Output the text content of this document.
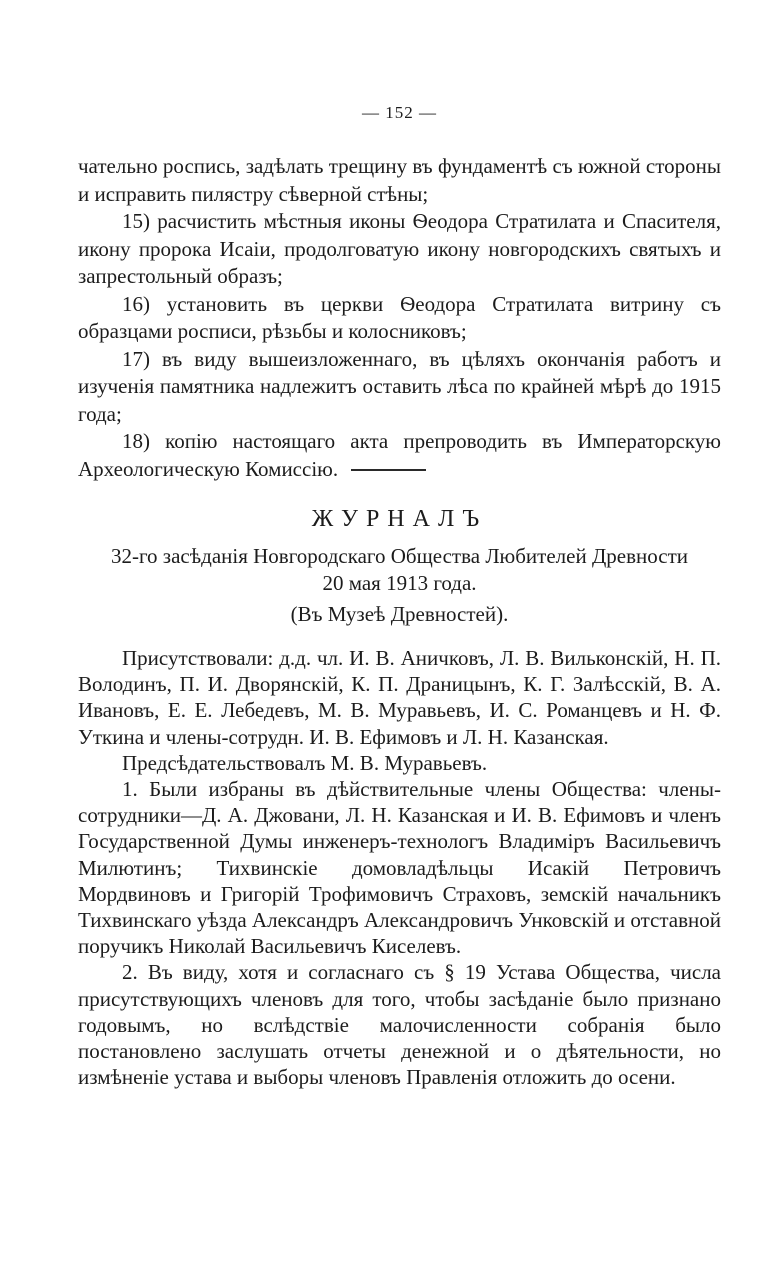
— 152 —

чательно роспись, задѣлать трещину въ фундаментѣ съ южной стороны и исправить пилястру сѣверной стѣны;

15) расчистить мѣстныя иконы Ѳеодора Стратилата и Спасителя, икону пророка Исаіи, продолговатую икону новгородскихъ святыхъ и запрестольный образъ;

16) установить въ церкви Ѳеодора Стратилата витрину съ образцами росписи, рѣзьбы и колосниковъ;

17) въ виду вышеизложеннаго, въ цѣляхъ окончанія работъ и изученія памятника надлежитъ оставить лѣса по крайней мѣрѣ до 1915 года;

18) копію настоящаго акта препроводить въ Императорскую Археологическую Комиссію.

ЖУРНАЛЪ
32-го засѣданія Новгородскаго Общества Любителей Древности
20 мая 1913 года.
(Въ Музеѣ Древностей).

Присутствовали: д.д. чл. И. В. Аничковъ, Л. В. Вильконскій, Н. П. Володинъ, П. И. Дворянскій, К. П. Драницынъ, К. Г. Залѣсскій, В. А. Ивановъ, Е. Е. Лебедевъ, М. В. Муравьевъ, И. С. Романцевъ и Н. Ф. Уткина и члены-сотрудн. И. В. Ефимовъ и Л. Н. Казанская.

Предсѣдательствовалъ М. В. Муравьевъ.

1. Были избраны въ дѣйствительные члены Общества: члены-сотрудники—Д. А. Джовани, Л. Н. Казанская и И. В. Ефимовъ и членъ Государственной Думы инженеръ-технологъ Владиміръ Васильевичъ Милютинъ; Тихвинскіе домовладѣльцы Исакій Петровичъ Мордвиновъ и Григорій Трофимовичъ Страховъ, земскій начальникъ Тихвинскаго уѣзда Александръ Александровичъ Унковскій и отставной поручикъ Николай Васильевичъ Киселевъ.

2. Въ виду, хотя и согласнаго съ § 19 Устава Общества, числа присутствующихъ членовъ для того, чтобы засѣданіе было признано годовымъ, но вслѣдствіе малочисленности собранія было постановлено заслушать отчеты денежной и о дѣятельности, но измѣненіе устава и выборы членовъ Правленія отложить до осени.
